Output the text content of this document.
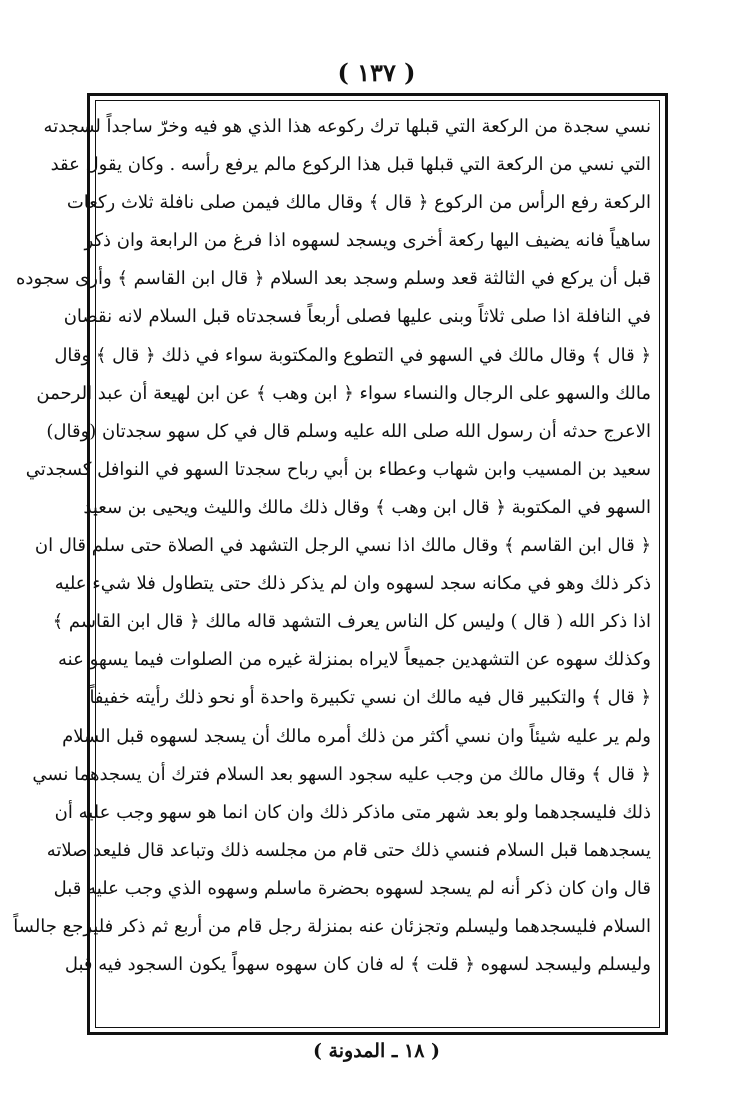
( ١٣٧ )
نسي سجدة من الركعة التي قبلها ترك ركوعه هذا الذي هو فيه وخرّ ساجداً لسجدته
التي نسي من الركعة التي قبلها قبل هذا الركوع مالم يرفع رأسه . وكان يقول عقد
الركعة رفع الرأس من الركوع ﴿ قال ﴾ وقال مالك فيمن صلى نافلة ثلاث ركعات
ساهياً فانه يضيف اليها ركعة أخرى ويسجد لسهوه اذا فرغ من الرابعة وان ذكر
قبل أن يركع في الثالثة قعد وسلم وسجد بعد السلام ﴿ قال ابن القاسم ﴾ وأرى سجوده
في النافلة اذا صلى ثلاثاً وبنى عليها فصلى أربعاً فسجدتاه قبل السلام لانه نقصان
﴿ قال ﴾ وقال مالك في السهو في التطوع والمكتوبة سواء في ذلك ﴿ قال ﴾ وقال
مالك والسهو على الرجال والنساء سواء ﴿ ابن وهب ﴾ عن ابن لهيعة أن عبد الرحمن
الاعرج حدثه أن رسول الله صلى الله عليه وسلم قال في كل سهو سجدتان (وقال)
سعيد بن المسيب وابن شهاب وعطاء بن أبي رباح سجدتا السهو في النوافل كسجدتي
السهو في المكتوبة ﴿ قال ابن وهب ﴾ وقال ذلك مالك والليث ويحيى بن سعيد
﴿ قال ابن القاسم ﴾ وقال مالك اذا نسي الرجل التشهد في الصلاة حتى سلم قال ان
ذكر ذلك وهو في مكانه سجد لسهوه وان لم يذكر ذلك حتى يتطاول فلا شيء عليه
اذا ذكر الله ( قال ) وليس كل الناس يعرف التشهد قاله مالك ﴿ قال ابن القاسم ﴾
وكذلك سهوه عن التشهدين جميعاً لايراه بمنزلة غيره من الصلوات فيما يسهو عنه
﴿ قال ﴾ والتكبير قال فيه مالك ان نسي تكبيرة واحدة أو نحو ذلك رأيته خفيفاً
ولم ير عليه شيئاً وان نسي أكثر من ذلك أمره مالك أن يسجد لسهوه قبل السلام
﴿ قال ﴾ وقال مالك من وجب عليه سجود السهو بعد السلام فترك أن يسجدهما نسي
ذلك فليسجدهما ولو بعد شهر متى ماذكر ذلك وان كان انما هو سهو وجب عليه أن
يسجدهما قبل السلام فنسي ذلك حتى قام من مجلسه ذلك وتباعد قال فليعد صلاته
قال وان كان ذكر أنه لم يسجد لسهوه بحضرة ماسلم وسهوه الذي وجب عليه قبل
السلام فليسجدهما وليسلم وتجزئان عنه بمنزلة رجل قام من أربع ثم ذكر فليرجع جالساً
وليسلم وليسجد لسهوه ﴿ قلت ﴾ له فان كان سهوه سهواً يكون السجود فيه قبل
( ١٨ ـ المدونة )
